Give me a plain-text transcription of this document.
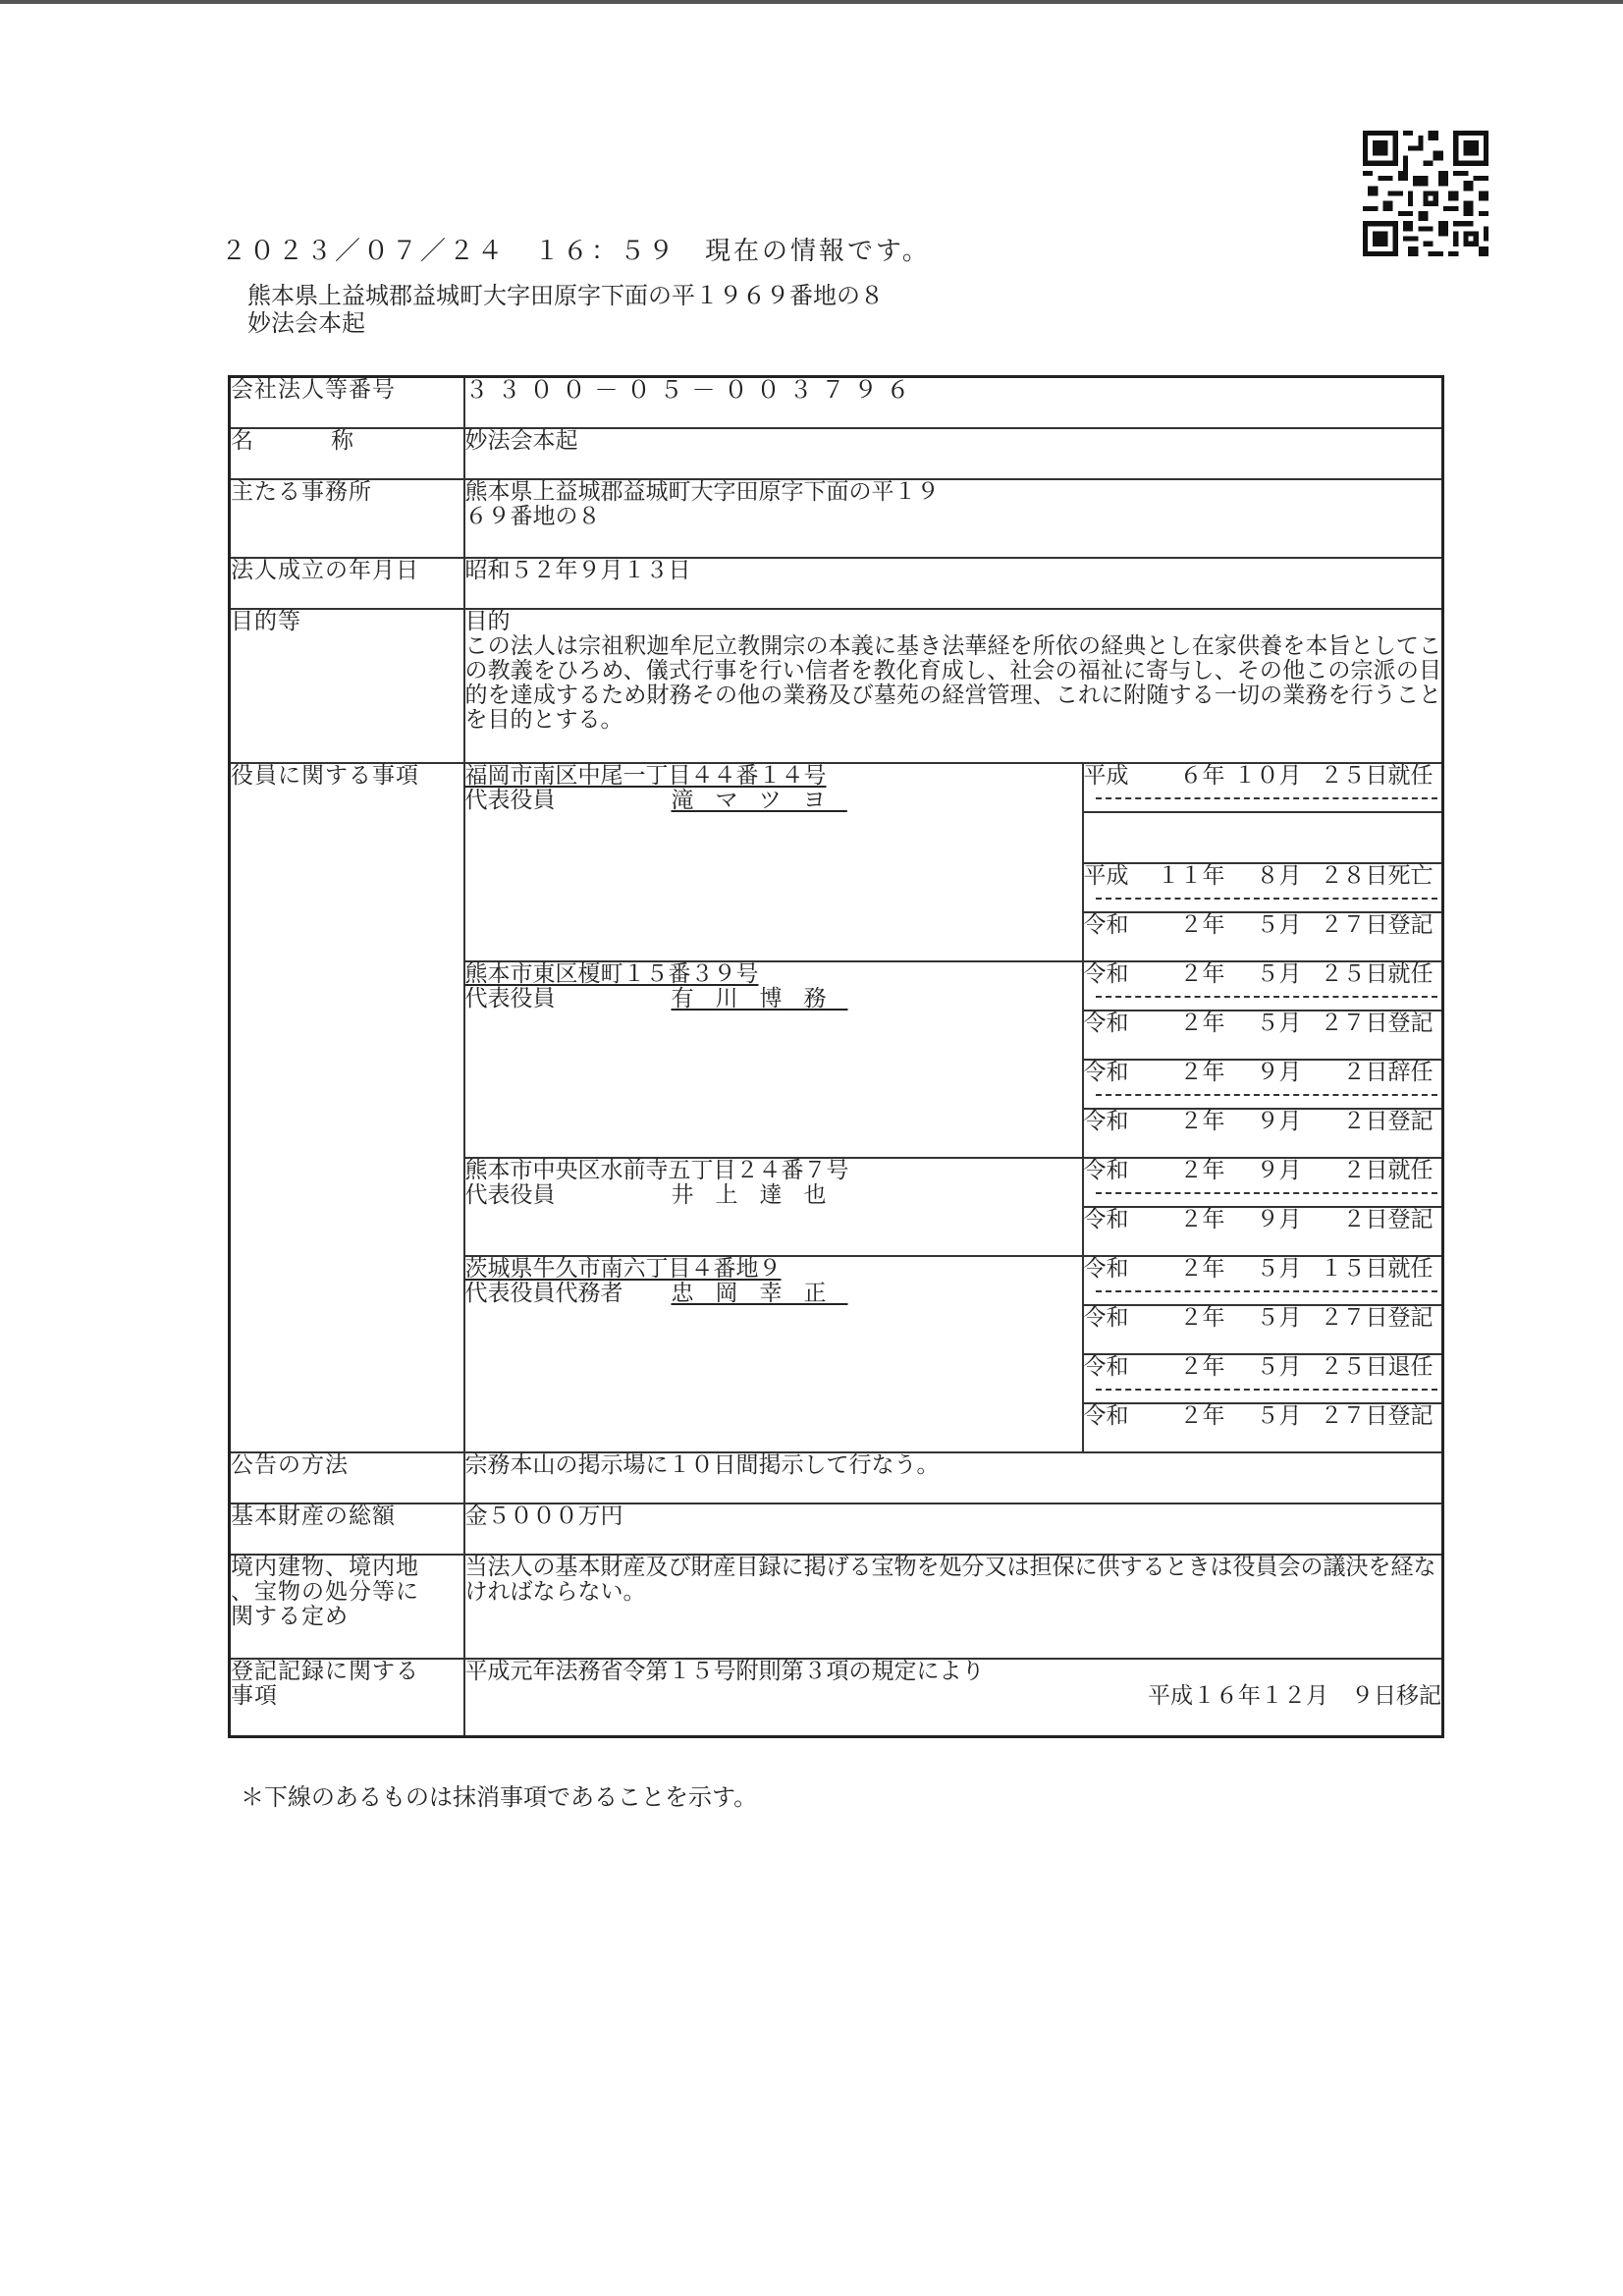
２０２３／０７／２４　１６：５９　現在の情報です。
熊本県上益城郡益城町大字田原字下面の平１９６９番地の８
妙法会本起
会社法人等番号	３３００－０５－００３７９６	
名　称	妙法会本起	
主たる事務所	熊本県上益城郡益城町大字田原字下面の平１９
６９番地の８	

法人成立の年月日	昭和５２年９月１３日	
目的等	目的
この法人は宗祖釈迦牟尼立教開宗の本義に基き法華経を所依の経典とし在家供養を本旨としてこの教義をひろめ、儀式行事を行い信者を教化育成し、社会の福祉に寄与し、その他この宗派の目的を達成するため財務その他の業務及び墓苑の経営管理、これに附随する一切の業務を行うことを目的とする。	

役員に関する事項	福岡市南区中尾一丁目４４番１４号
代表役員 滝マツヨ	平成 ６年 １０月 ２５日就任

		平成 １１年 ８月 ２８日死亡
		令和 ２年 ５月 ２７日登記

	熊本市東区榎町１５番３９号
代表役員 有川博務	令和 ２年 ５月 ２５日就任
		令和 ２年 ５月 ２７日登記
		令和 ２年 ９月 ２日辞任
		令和 ２年 ９月 ２日登記

	熊本市中央区水前寺五丁目２４番７号
代表役員 井上達也	令和 ２年 ９月 ２日就任
		令和 ２年 ９月 ２日登記

	茨城県牛久市南六丁目４番地９
代表役員代務者 忠岡幸正	令和 ２年 ５月 １５日就任
		令和 ２年 ５月 ２７日登記
		令和 ２年 ５月 ２５日退任
		令和 ２年 ５月 ２７日登記
公告の方法	宗務本山の掲示場に１０日間掲示して行なう。	
基本財産の総額	金５０００万円	

境内建物、境内地
、宝物の処分等に
関する定め	当法人の基本財産及び財産目録に掲げる宝物を処分又は担保に供するときは役員会の議決を経なければならない。	

登記記録に関する
事項	平成元年法務省令第１５号附則第３項の規定により
平成１６年１２月　９日移記	
＊下線のあるものは抹消事項であることを示す。
